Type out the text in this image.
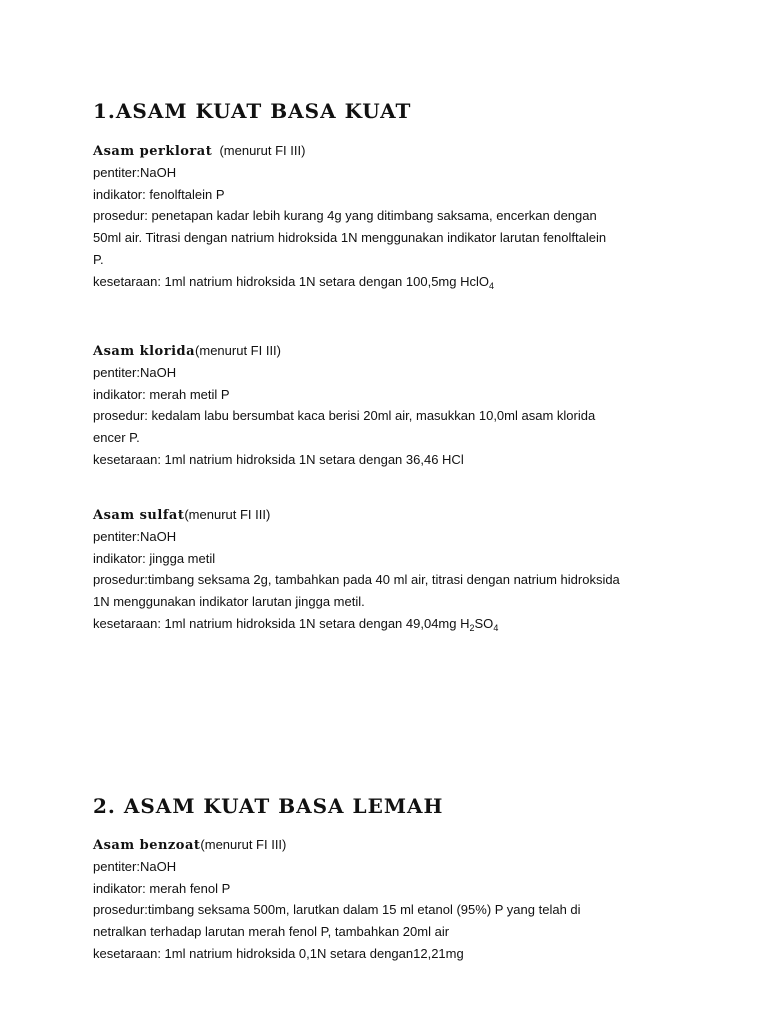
1.ASAM KUAT BASA KUAT
Asam perklorat (menurut FI III)
pentiter:NaOH
indikator: fenolftalein P
prosedur: penetapan kadar lebih kurang 4g yang ditimbang saksama, encerkan dengan
50ml air. Titrasi dengan natrium hidroksida 1N menggunakan indikator larutan fenolftalein
P.
kesetaraan: 1ml natrium hidroksida 1N setara dengan 100,5mg HclO$_4$
Asam klorida(menurut FI III)
pentiter:NaOH
indikator: merah metil P
prosedur: kedalam labu bersumbat kaca berisi 20ml air, masukkan 10,0ml asam klorida
encer P.
kesetaraan: 1ml natrium hidroksida 1N setara dengan 36,46 HCl
Asam sulfat(menurut FI III)
pentiter:NaOH
indikator: jingga metil
prosedur:timbang seksama 2g, tambahkan pada 40 ml air, titrasi dengan natrium hidroksida
1N menggunakan indikator larutan jingga metil.
kesetaraan: 1ml natrium hidroksida 1N setara dengan 49,04mg $H_2SO_4$
2. ASAM KUAT BASA LEMAH
Asam benzoat(menurut FI III)
pentiter:NaOH
indikator: merah fenol P
prosedur:timbang seksama 500m, larutkan dalam 15 ml etanol (95%) P yang telah di
netralkan terhadap larutan merah fenol P, tambahkan 20ml air
kesetaraan: 1ml natrium hidroksida 0,1N setara dengan12,21mg
